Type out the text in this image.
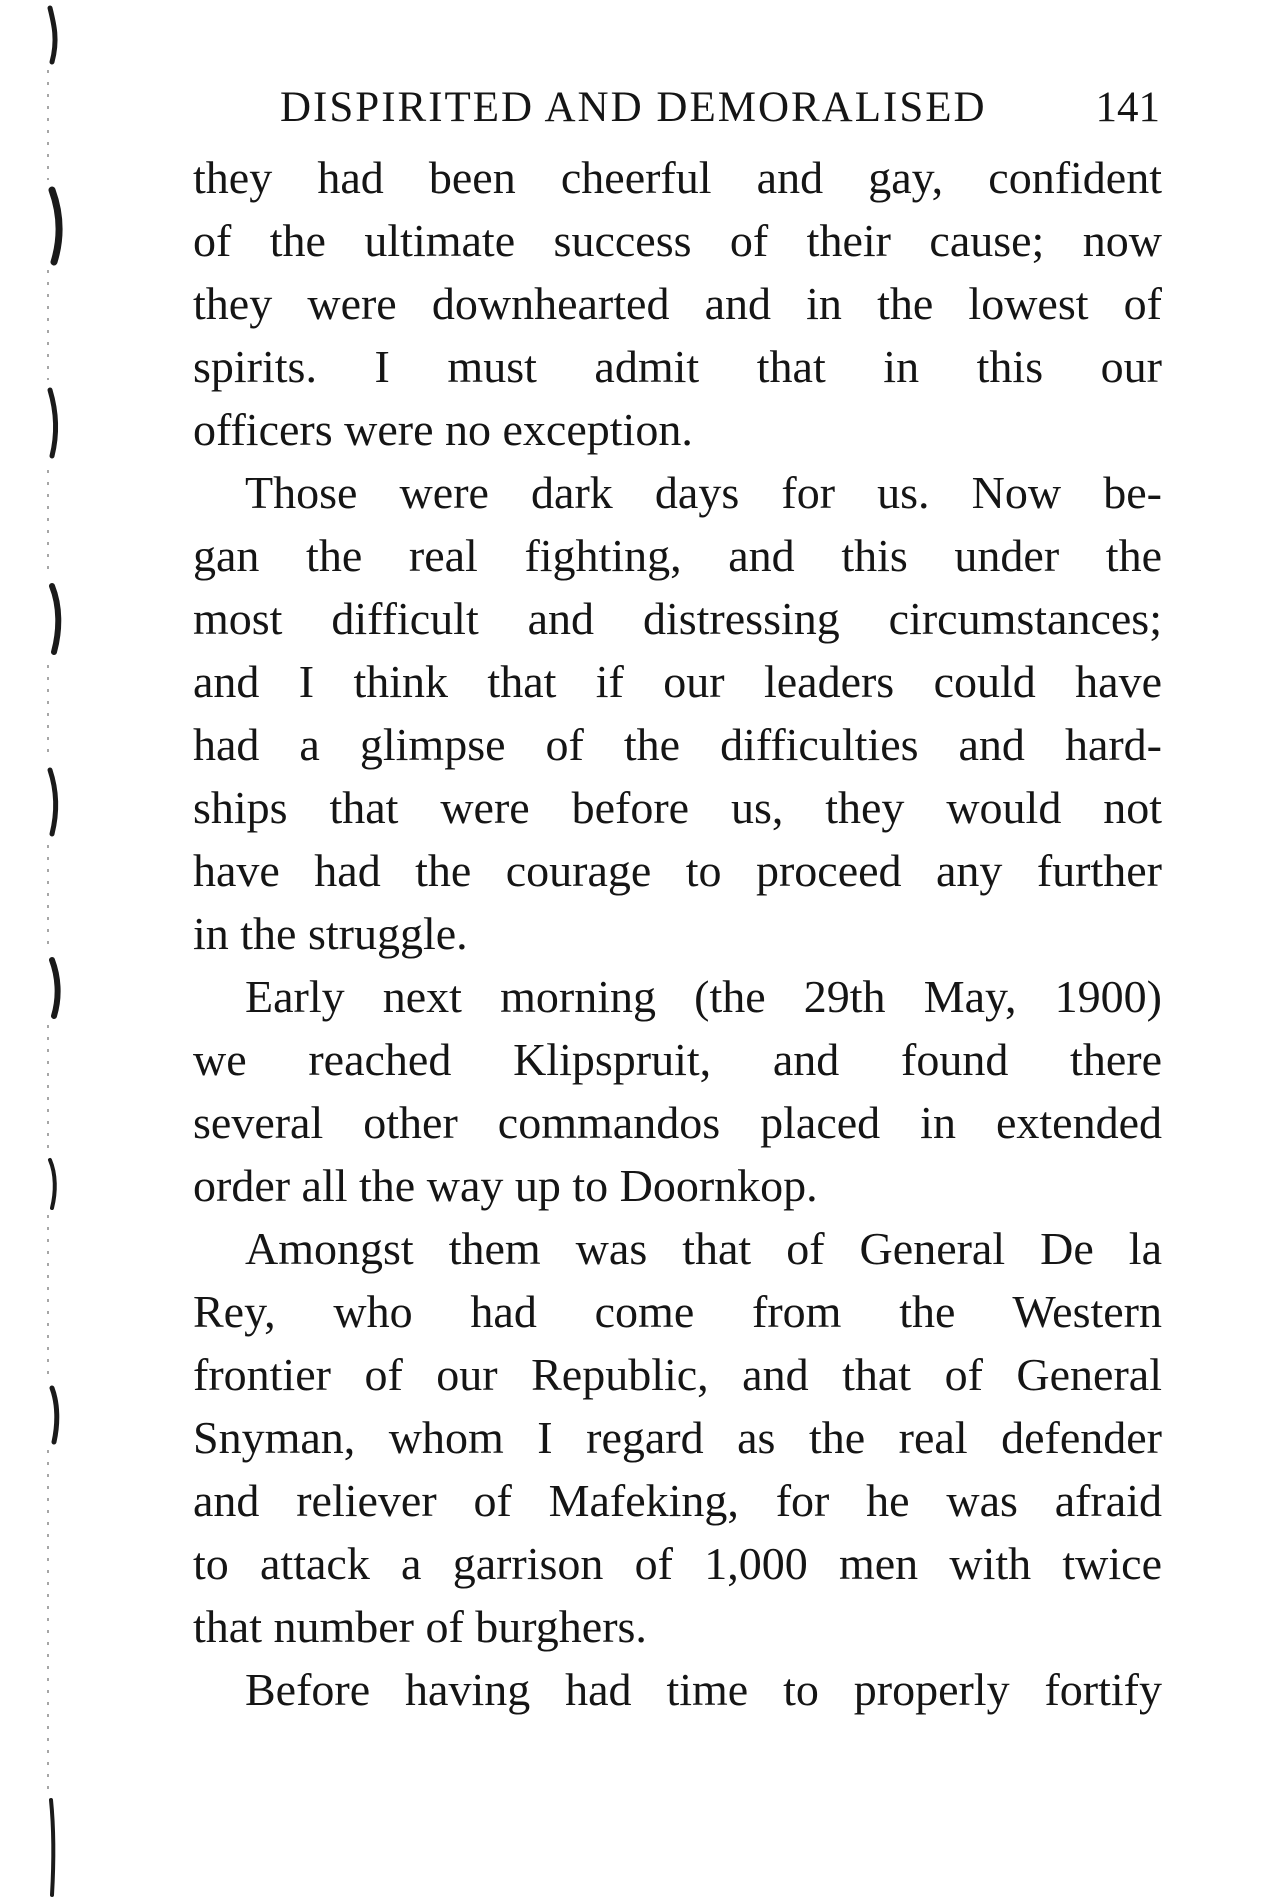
DISPIRITED AND DEMORALISED	141
they had been cheerful and gay, confident
of the ultimate success of their cause; now
they were downhearted and in the lowest of
spirits. I must admit that in this our
officers were no exception.
Those were dark days for us. Now be-
gan the real fighting, and this under the
most difficult and distressing circumstances;
and I think that if our leaders could have
had a glimpse of the difficulties and hard-
ships that were before us, they would not
have had the courage to proceed any further
in the struggle.
Early next morning (the 29th May, 1900)
we reached Klipspruit, and found there
several other commandos placed in extended
order all the way up to Doornkop.
Amongst them was that of General De la
Rey, who had come from the Western
frontier of our Republic, and that of General
Snyman, whom I regard as the real defender
and reliever of Mafeking, for he was afraid
to attack a garrison of 1,000 men with twice
that number of burghers.
Before having had time to properly fortify
